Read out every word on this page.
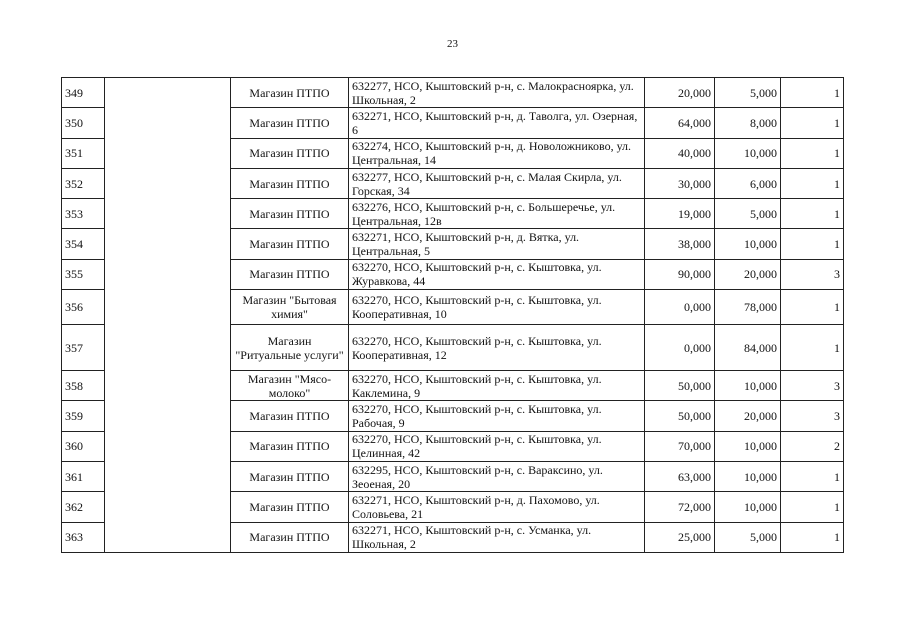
23
349		Магазин ПТПО	632277, НСО, Кыштовский р-н, с. Малокрасноярка, ул. Школьная, 2	20,000	5,000	1
350		Магазин ПТПО	632271, НСО, Кыштовский р-н, д. Таволга, ул. Озерная, 6	64,000	8,000	1
351		Магазин ПТПО	632274, НСО, Кыштовский р-н, д. Новоложниково, ул. Центральная, 14	40,000	10,000	1
352		Магазин ПТПО	632277, НСО, Кыштовский р-н, с. Малая Скирла, ул. Горская, 34	30,000	6,000	1
353		Магазин ПТПО	632276, НСО, Кыштовский р-н, с. Большеречье, ул. Центральная, 12в	19,000	5,000	1
354		Магазин ПТПО	632271, НСО, Кыштовский р-н, д. Вятка, ул. Центральная, 5	38,000	10,000	1
355		Магазин ПТПО	632270, НСО, Кыштовский р-н, с. Кыштовка, ул. Журавкова, 44	90,000	20,000	3
356		Магазин "Бытовая химия"	632270, НСО, Кыштовский р-н, с. Кыштовка, ул. Кооперативная, 10	0,000	78,000	1
357		Магазин "Ритуальные услуги"	632270, НСО, Кыштовский р-н, с. Кыштовка, ул. Кооперативная, 12	0,000	84,000	1
358		Магазин "Мясо-молоко"	632270, НСО, Кыштовский р-н, с. Кыштовка, ул. Каклемина, 9	50,000	10,000	3
359		Магазин ПТПО	632270, НСО, Кыштовский р-н, с. Кыштовка, ул. Рабочая, 9	50,000	20,000	3
360		Магазин ПТПО	632270, НСО, Кыштовский р-н, с. Кыштовка, ул. Целинная, 42	70,000	10,000	2
361		Магазин ПТПО	632295, НСО, Кыштовский р-н, с. Вараксино, ул. Зеоеная, 20	63,000	10,000	1
362		Магазин ПТПО	632271, НСО, Кыштовский р-н, д. Пахомово, ул. Соловьева, 21	72,000	10,000	1
363		Магазин ПТПО	632271, НСО, Кыштовский р-н, с. Усманка, ул. Школьная, 2	25,000	5,000	1
